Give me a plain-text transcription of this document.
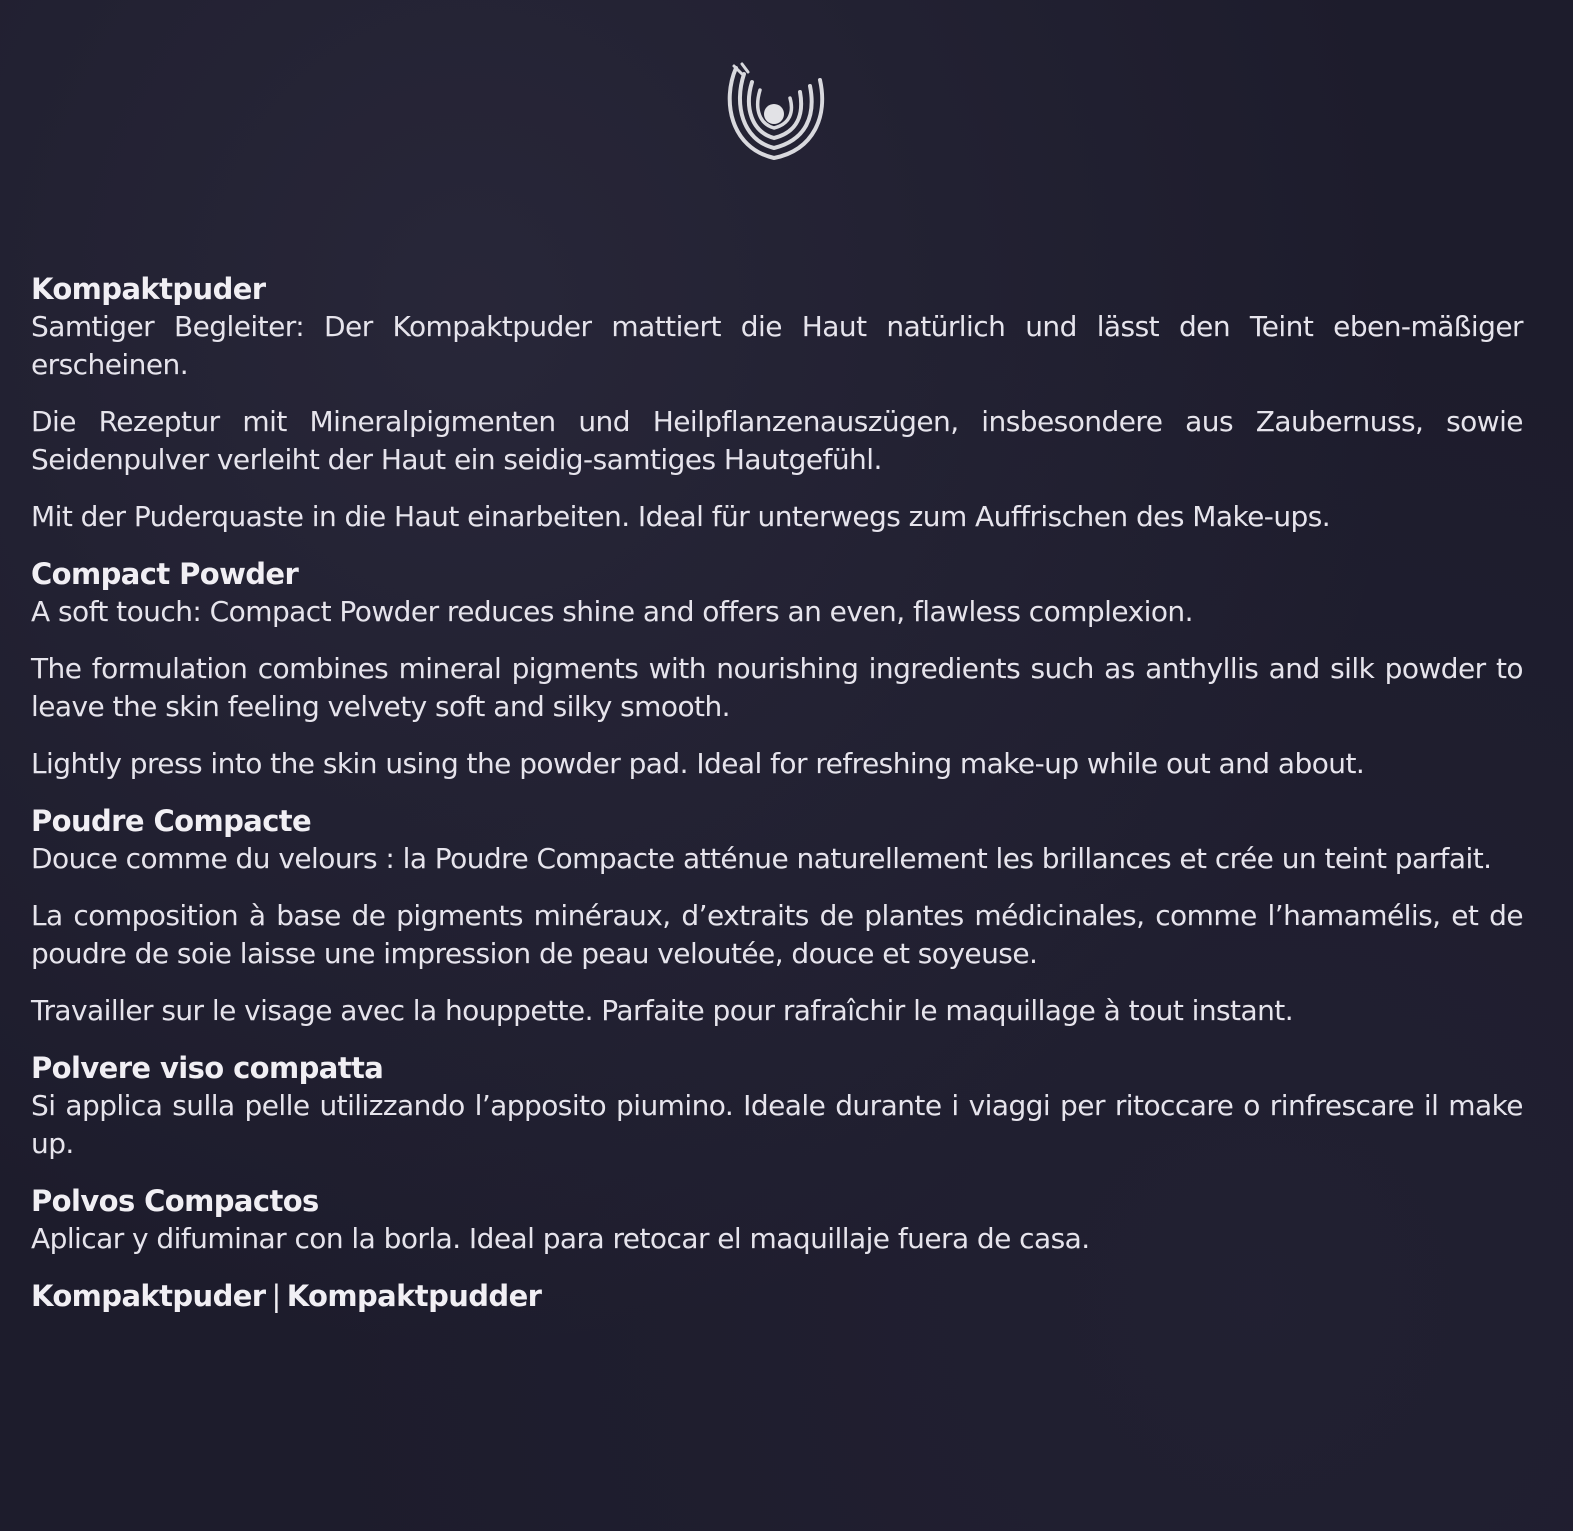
Kompaktpuder

Samtiger Begleiter: Der Kompaktpuder mattiert die Haut natürlich und lässt den Teint eben-mäßiger erscheinen.

Die Rezeptur mit Mineralpigmenten und Heilpflanzenauszügen, insbesondere aus Zaubernuss, sowie Seidenpulver verleiht der Haut ein seidig-samtiges Hautgefühl.

Mit der Puderquaste in die Haut einarbeiten. Ideal für unterwegs zum Auffrischen des Make-ups.

Compact Powder

A soft touch: Compact Powder reduces shine and offers an even, flawless complexion.

The formulation combines mineral pigments with nourishing ingredients such as anthyllis and silk powder to leave the skin feeling velvety soft and silky smooth.

Lightly press into the skin using the powder pad. Ideal for refreshing make-up while out and about.

Poudre Compacte

Douce comme du velours : la Poudre Compacte atténue naturellement les brillances et crée un teint parfait.

La composition à base de pigments minéraux, d’extraits de plantes médicinales, comme l’hamamélis, et de poudre de soie laisse une impression de peau veloutée, douce et soyeuse.

Travailler sur le visage avec la houppette. Parfaite pour rafraîchir le maquillage à tout instant.

Polvere viso compatta

Si applica sulla pelle utilizzando l’apposito piumino. Ideale durante i viaggi per ritoccare o rinfrescare il make up.

Polvos Compactos

Aplicar y difuminar con la borla. Ideal para retocar el maquillaje fuera de casa.

Kompaktpuder | Kompaktpudder
